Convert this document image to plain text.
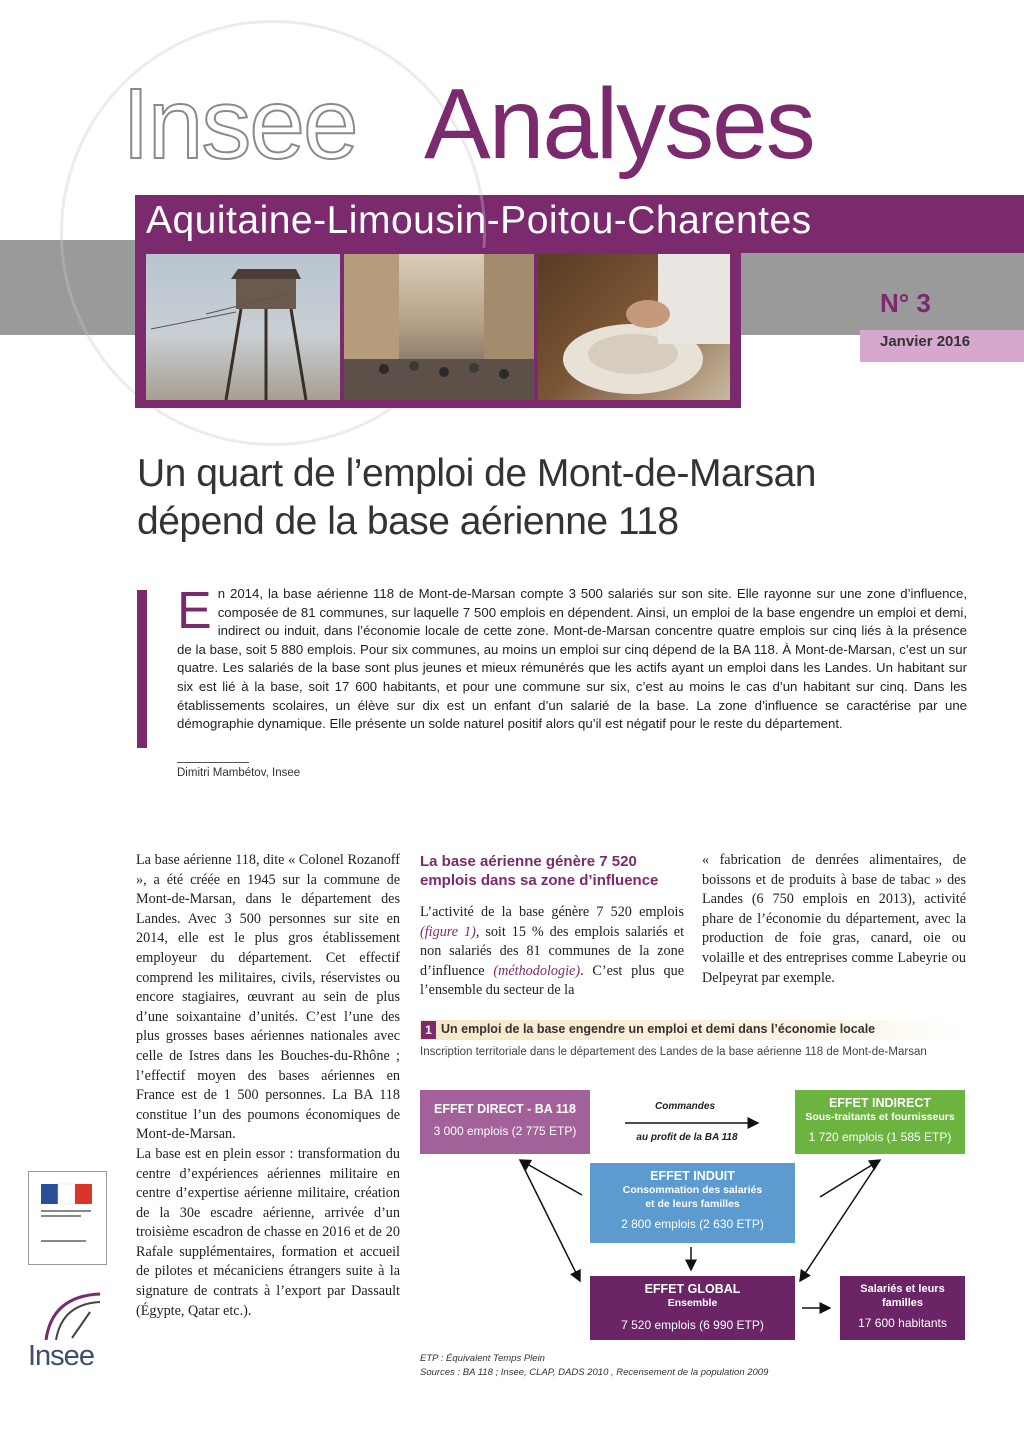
Insee Analyses
Aquitaine-Limousin-Poitou-Charentes
N° 3
Janvier 2016
Un quart de l’emploi de Mont-de-Marsan dépend de la base aérienne 118
En 2014, la base aérienne 118 de Mont-de-Marsan compte 3 500 salariés sur son site. Elle rayonne sur une zone d’influence, composée de 81 communes, sur laquelle 7 500 emplois en dépendent. Ainsi, un emploi de la base engendre un emploi et demi, indirect ou induit, dans l’économie locale de cette zone. Mont-de-Marsan concentre quatre emplois sur cinq liés à la présence de la base, soit 5 880 emplois. Pour six communes, au moins un emploi sur cinq dépend de la BA 118. À Mont-de-Marsan, c’est un sur quatre. Les salariés de la base sont plus jeunes et mieux rémunérés que les actifs ayant un emploi dans les Landes. Un habitant sur six est lié à la base, soit 17 600 habitants, et pour une commune sur six, c’est au moins le cas d’un habitant sur cinq. Dans les établissements scolaires, un élève sur dix est un enfant d’un salarié de la base. La zone d’influence se caractérise par une démographie dynamique. Elle présente un solde naturel positif alors qu’il est négatif pour le reste du département.
Dimitri Mambétov, Insee

La base aérienne 118, dite « Colonel Rozanoff », a été créée en 1945 sur la commune de Mont-de-Marsan, dans le département des Landes. Avec 3 500 personnes sur site en 2014, elle est le plus gros établissement employeur du département. Cet effectif comprend les militaires, civils, réservistes ou encore stagiaires, œuvrant au sein de plus d’une soixantaine d’unités. C’est l’une des plus grosses bases aériennes nationales avec celle de Istres dans les Bouches-du-Rhône ; l’effectif moyen des bases aériennes en France est de 1 500 personnes. La BA 118 constitue l’un des poumons économiques de Mont-de-Marsan.

La base est en plein essor : transformation du centre d’expériences aériennes militaire en centre d’expertise aérienne militaire, création de la 30e escadre aérienne, arrivée d’un troisième escadron de chasse en 2016 et de 20 Rafale supplémentaires, formation et accueil de pilotes et mécaniciens étrangers suite à la signature de contrats à l’export par Dassault (Égypte, Qatar etc.).

La base aérienne génère 7 520 emplois dans sa zone d’influence

L’activité de la base génère 7 520 emplois (figure 1), soit 15 % des emplois salariés et non salariés des 81 communes de la zone d’influence (méthodologie). C’est plus que l’ensemble du secteur de la

« fabrication de denrées alimentaires, de boissons et de produits à base de tabac » des Landes (6 750 emplois en 2013), activité phare de l’économie du département, avec la production de foie gras, canard, oie ou volaille et des entreprises comme Labeyrie ou Delpeyrat par exemple.

1 Un emploi de la base engendre un emploi et demi dans l’économie locale
Inscription territoriale dans le département des Landes de la base aérienne 118 de Mont-de-Marsan
Commandes
au profit de la BA 118
EFFET DIRECT - BA 118
3 000 emplois (2 775 ETP)
EFFET INDIRECT
Sous-traitants et fournisseurs
1 720 emplois (1 585 ETP)
EFFET INDUIT
Consommation des salariés
et de leurs familles
2 800 emplois (2 630 ETP)
EFFET GLOBAL
Ensemble
7 520 emplois (6 990 ETP)
Salariés et leurs
familles
17 600 habitants
ETP : Équivalent Temps Plein
Sources : BA 118 ; Insee, CLAP, DADS 2010 , Recensement de la population 2009
Insee
